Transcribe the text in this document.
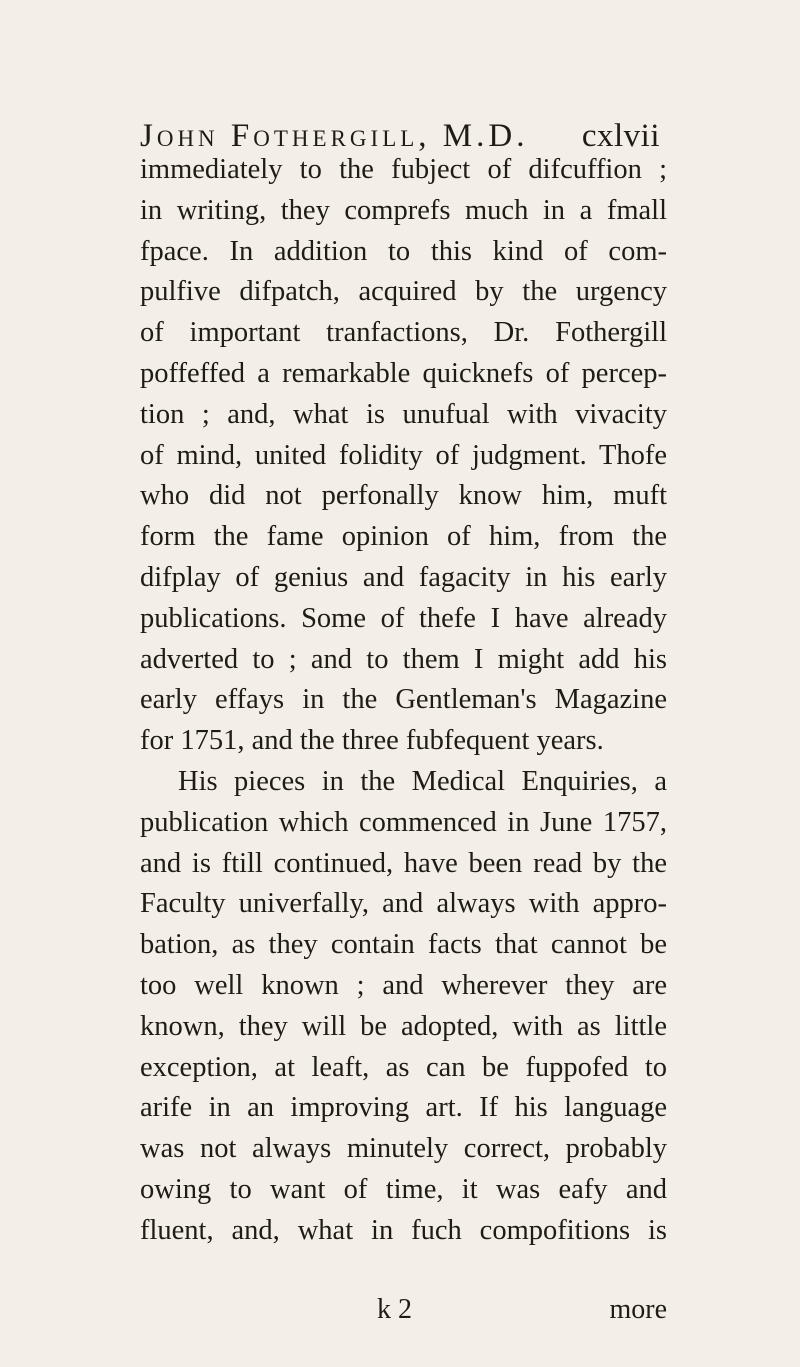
John Fothergill, M.D. cxlvii
immediately to the fubject of difcuffion ;
in writing, they comprefs much in a fmall
fpace. In addition to this kind of com-
pulfive difpatch, acquired by the urgency
of important tranfactions, Dr. Fothergill
poffeffed a remarkable quicknefs of percep-
tion ; and, what is unufual with vivacity
of mind, united folidity of judgment. Thofe
who did not perfonally know him, muft
form the fame opinion of him, from the
difplay of genius and fagacity in his early
publications. Some of thefe I have already
adverted to ; and to them I might add his
early effays in the Gentleman's Magazine
for 1751, and the three fubfequent years.
His pieces in the Medical Enquiries, a
publication which commenced in June 1757,
and is ftill continued, have been read by the
Faculty univerfally, and always with appro-
bation, as they contain facts that cannot be
too well known ; and wherever they are
known, they will be adopted, with as little
exception, at leaft, as can be fuppofed to
arife in an improving art. If his language
was not always minutely correct, probably
owing to want of time, it was eafy and
fluent, and, what in fuch compofitions is
k 2	more
